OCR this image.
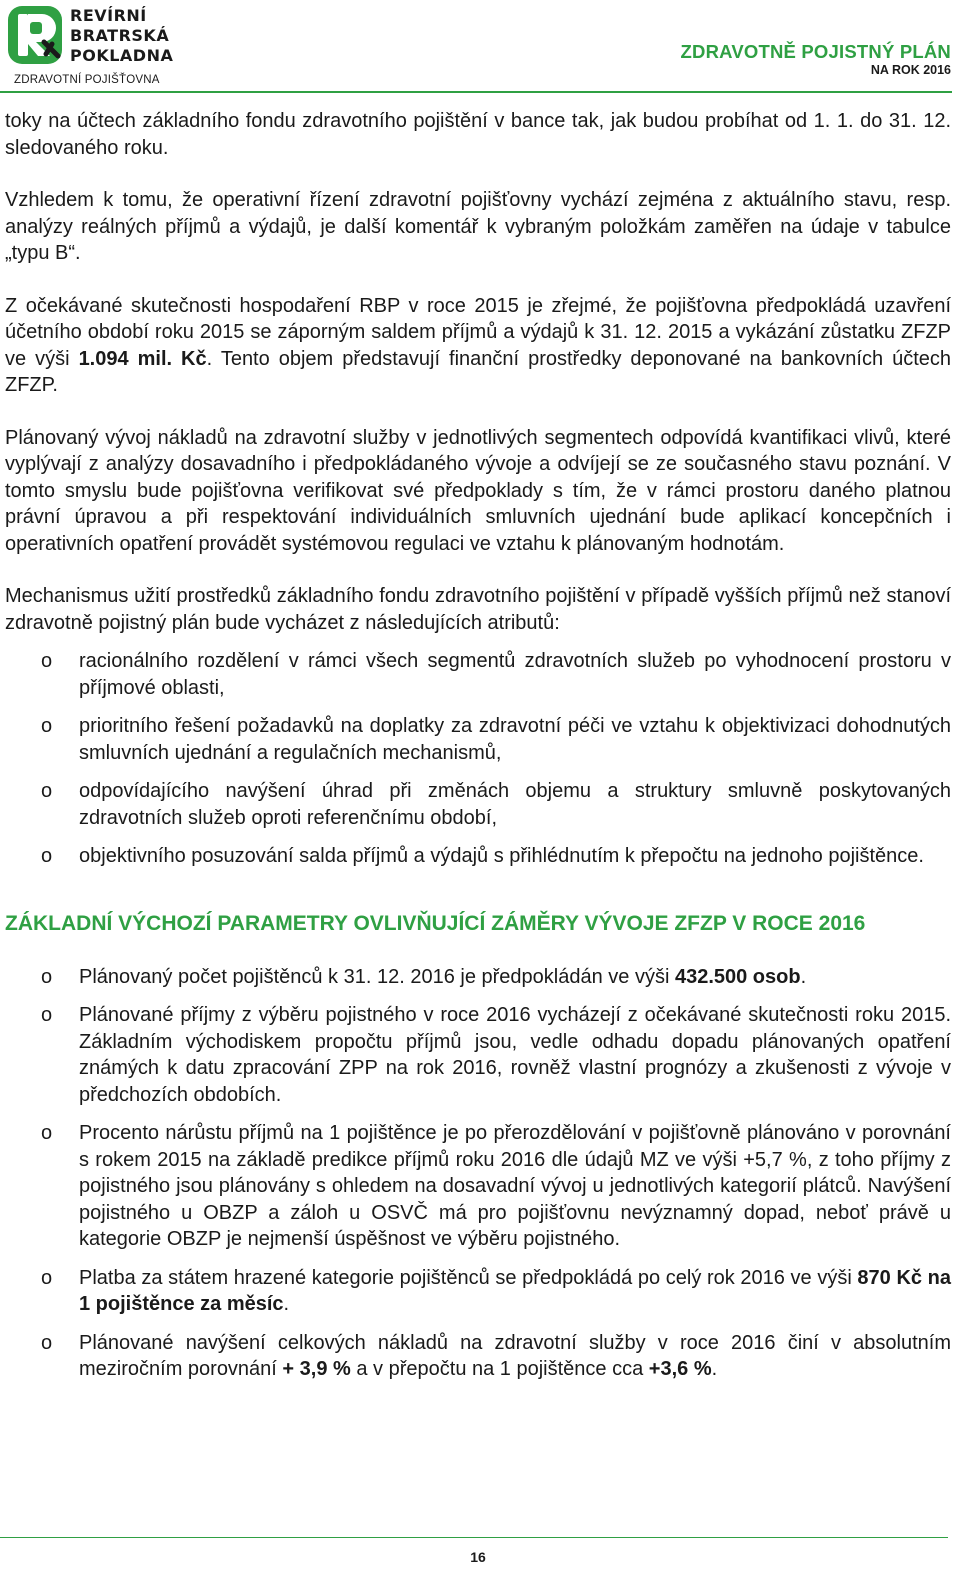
REVÍRNÍ
BRATRSKÁ
POKLADNA
ZDRAVOTNÍ POJIŠŤOVNA
ZDRAVOTNĚ POJISTNÝ PLÁN
NA ROK 2016

toky na účtech základního fondu zdravotního pojištění v bance tak, jak budou probíhat od 1. 1. do 31. 12. sledovaného roku.

Vzhledem k tomu, že operativní řízení zdravotní pojišťovny vychází zejména z aktuálního stavu, resp. analýzy reálných příjmů a výdajů, je další komentář k vybraným položkám zaměřen na údaje v tabulce „typu B“.

Z očekávané skutečnosti hospodaření RBP v roce 2015 je zřejmé, že pojišťovna předpokládá uzavření účetního období roku 2015 se záporným saldem příjmů a výdajů k 31. 12. 2015 a vykázání zůstatku ZFZP ve výši 1.094 mil. Kč. Tento objem představují finanční prostředky deponované na bankovních účtech ZFZP.

Plánovaný vývoj nákladů na zdravotní služby v jednotlivých segmentech odpovídá kvantifikaci vlivů, které vyplývají z analýzy dosavadního i předpokládaného vývoje a odvíjejí se ze současného stavu poznání. V tomto smyslu bude pojišťovna verifikovat své předpoklady s tím, že v rámci prostoru daného platnou právní úpravou a při respektování individuálních smluvních ujednání bude aplikací koncepčních i operativních opatření provádět systémovou regulaci ve vztahu k plánovaným hodnotám.

Mechanismus užití prostředků základního fondu zdravotního pojištění v případě vyšších příjmů než stanoví zdravotně pojistný plán bude vycházet z následujících atributů:

o racionálního rozdělení v rámci všech segmentů zdravotních služeb po vyhodnocení prostoru v příjmové oblasti,
o prioritního řešení požadavků na doplatky za zdravotní péči ve vztahu k objektivizaci dohodnutých smluvních ujednání a regulačních mechanismů,
o odpovídajícího navýšení úhrad při změnách objemu a struktury smluvně poskytovaných zdravotních služeb oproti referenčnímu období,
o objektivního posuzování salda příjmů a výdajů s přihlédnutím k přepočtu na jednoho pojištěnce.
ZÁKLADNÍ VÝCHOZÍ PARAMETRY OVLIVŇUJÍCÍ ZÁMĚRY VÝVOJE ZFZP V ROCE 2016
o Plánovaný počet pojištěnců k 31. 12. 2016 je předpokládán ve výši 432.500 osob.
o Plánované příjmy z výběru pojistného v roce 2016 vycházejí z očekávané skutečnosti roku 2015. Základním východiskem propočtu příjmů jsou, vedle odhadu dopadu plánovaných opatření známých k datu zpracování ZPP na rok 2016, rovněž vlastní prognózy a zkušenosti z vývoje v předchozích obdobích.
o Procento nárůstu příjmů na 1 pojištěnce je po přerozdělování v pojišťovně plánováno v porovnání s rokem 2015 na základě predikce příjmů roku 2016 dle údajů MZ ve výši +5,7 %, z toho příjmy z pojistného jsou plánovány s ohledem na dosavadní vývoj u jednotlivých kategorií plátců. Navýšení pojistného u OBZP a záloh u OSVČ má pro pojišťovnu nevýznamný dopad, neboť právě u kategorie OBZP je nejmenší úspěšnost ve výběru pojistného.
o Platba za státem hrazené kategorie pojištěnců se předpokládá po celý rok 2016 ve výši 870 Kč na 1 pojištěnce za měsíc.
o Plánované navýšení celkových nákladů na zdravotní služby v roce 2016 činí v absolutním meziročním porovnání + 3,9 % a v přepočtu na 1 pojištěnce cca +3,6 %.
16
